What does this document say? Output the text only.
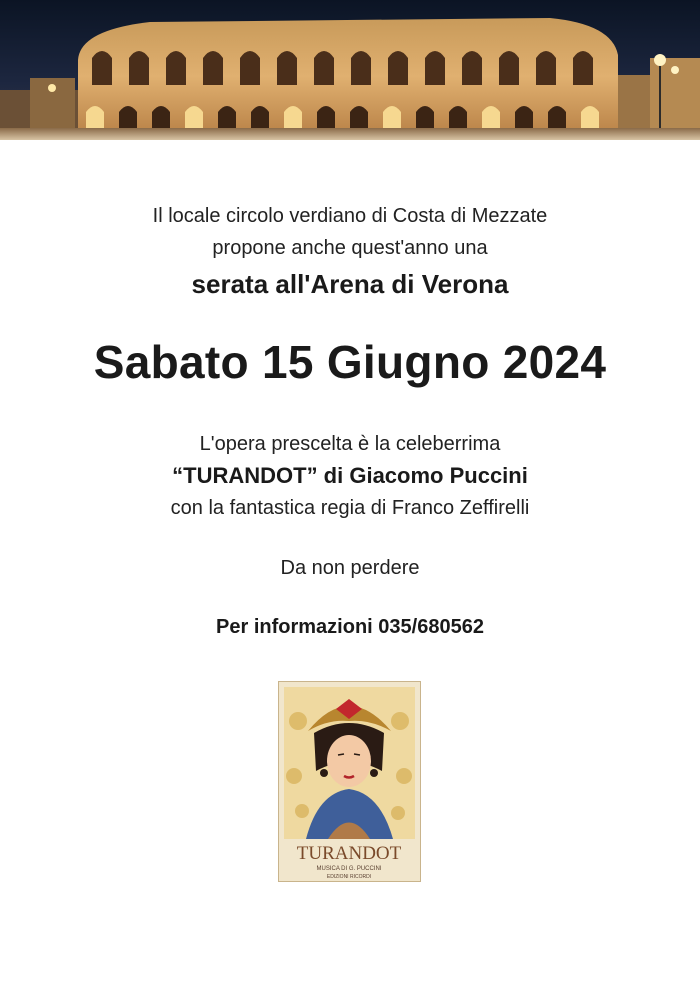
Il locale circolo verdiano di Costa di Mezzate
propone anche quest'anno una
serata all'Arena di Verona
Sabato 15 Giugno 2024
L'opera prescelta è la celeberrima
“TURANDOT” di Giacomo Puccini
con la fantastica regia di Franco Zeffirelli
Da non perdere
Per informazioni 035/680562
TURANDOT
MUSICA DI G. PUCCINI
EDIZIONI RICORDI
